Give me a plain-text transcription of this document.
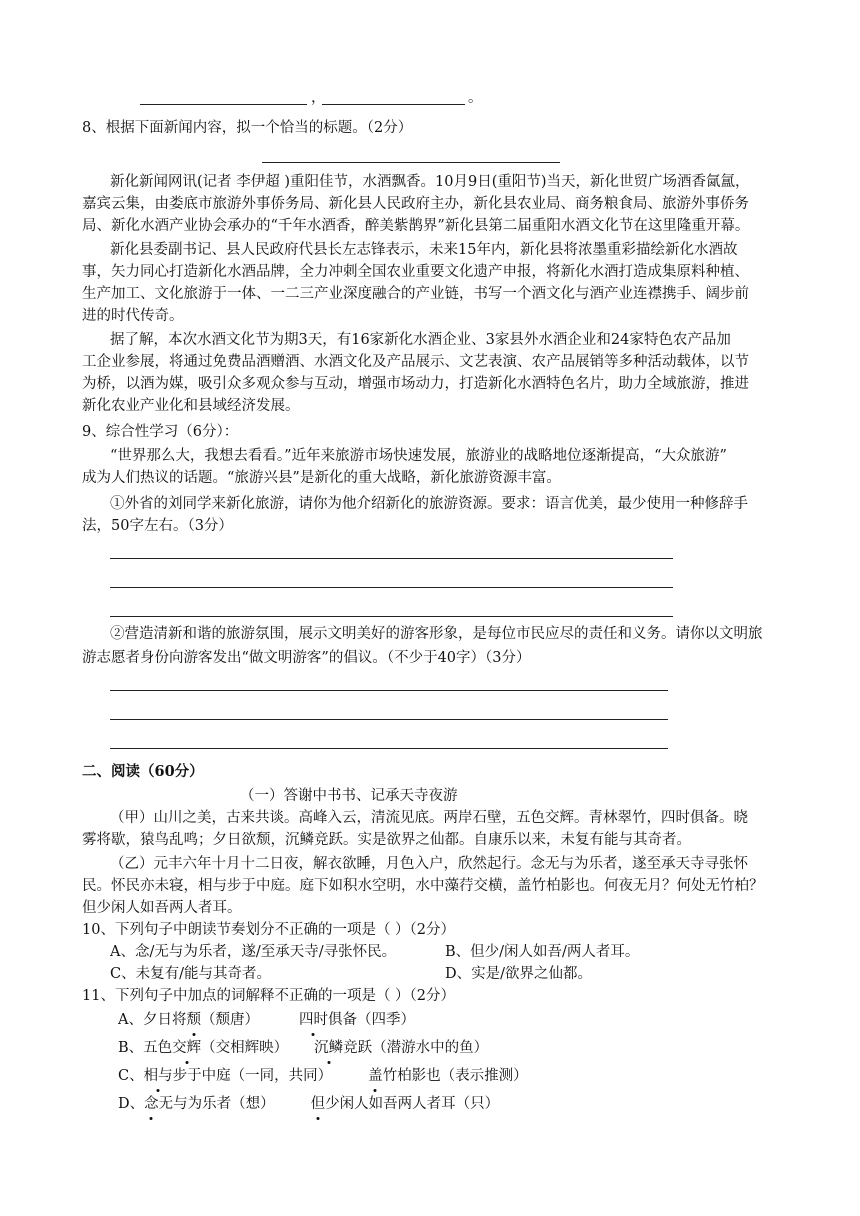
，	。
8、根据下面新闻内容，拟一个恰当的标题。（2分）
新化新闻网讯(记者 李伊超 )重阳佳节，水酒飘香。10月9日(重阳节)当天，新化世贸广场酒香氤氲，
嘉宾云集，由娄底市旅游外事侨务局、新化县人民政府主办，新化县农业局、商务粮食局、旅游外事侨务
局、新化水酒产业协会承办的“千年水酒香，醉美紫鹊界”新化县第二届重阳水酒文化节在这里隆重开幕。
新化县委副书记、县人民政府代县长左志锋表示，未来15年内，新化县将浓墨重彩描绘新化水酒故
事，矢力同心打造新化水酒品牌，全力冲刺全国农业重要文化遗产申报，将新化水酒打造成集原料种植、
生产加工、文化旅游于一体、一二三产业深度融合的产业链，书写一个酒文化与酒产业连襟携手、阔步前
进的时代传奇。
据了解，本次水酒文化节为期3天，有16家新化水酒企业、3家县外水酒企业和24家特色农产品加
工企业参展，将通过免费品酒赠酒、水酒文化及产品展示、文艺表演、农产品展销等多种活动载体，以节
为桥，以酒为媒，吸引众多观众参与互动，增强市场动力，打造新化水酒特色名片，助力全域旅游，推进
新化农业产业化和县域经济发展。
9、综合性学习（6分）：
“世界那么大，我想去看看。”近年来旅游市场快速发展，旅游业的战略地位逐渐提高，“大众旅游”
成为人们热议的话题。“旅游兴县”是新化的重大战略，新化旅游资源丰富。
①外省的刘同学来新化旅游，请你为他介绍新化的旅游资源。要求：语言优美，最少使用一种修辞手
法，50字左右。（3分）
②营造清新和谐的旅游氛围，展示文明美好的游客形象，是每位市民应尽的责任和义务。请你以文明旅
游志愿者身份向游客发出“做文明游客”的倡议。（不少于40字）（3分）
二、阅读（60分）
（一）答谢中书书、记承天寺夜游
（甲）山川之美，古来共谈。高峰入云，清流见底。两岸石壁，五色交辉。青林翠竹，四时俱备。晓
雾将歇，猿鸟乱鸣；夕日欲颓，沉鳞竞跃。实是欲界之仙都。自康乐以来，未复有能与其奇者。
（乙）元丰六年十月十二日夜，解衣欲睡，月色入户，欣然起行。念无与为乐者，遂至承天寺寻张怀
民。怀民亦未寝，相与步于中庭。庭下如积水空明，水中藻荇交横，盖竹柏影也。何夜无月？何处无竹柏？
但少闲人如吾两人者耳。
10、下列句子中朗读节奏划分不正确的一项是（ ）（2分）
A、念/无与为乐者，遂/至承天寺/寻张怀民。	B、但少/闲人如吾/两人者耳。
C、未复有/能与其奇者。	D、实是/欲界之仙都。
11、下列句子中加点的词解释不正确的一项是（ ）（2分）
A、夕日将颓（颓唐）	四时俱备（四季）
B、五色交辉（交相辉映） 沉鳞竞跃（潜游水中的鱼）
C、相与步于中庭（一同，共同） 盖竹柏影也（表示推测）
D、念无与为乐者（想） 但少闲人如吾两人者耳（只）
